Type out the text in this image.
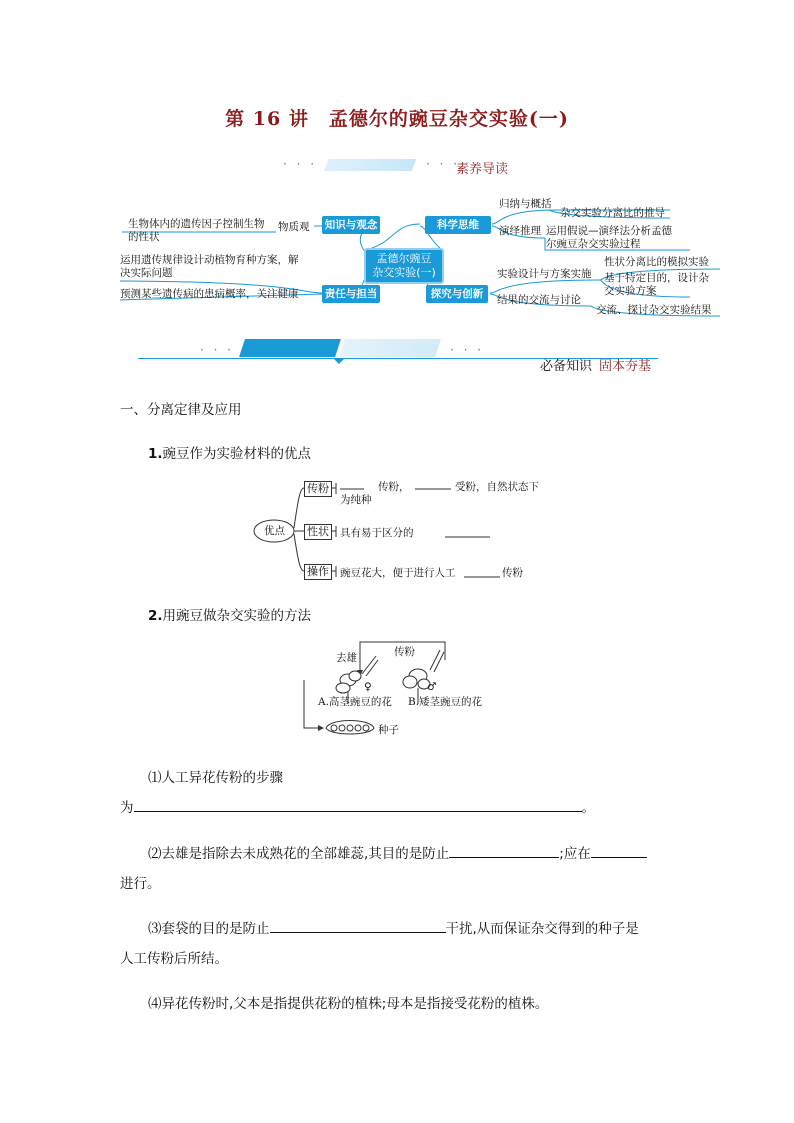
第 16 讲　孟德尔的豌豆杂交实验(一)
· · ·	· · ·
素养导读
孟德尔豌豆
杂交实验(一)
知识与观念	科学思维
责任与担当	探究与创新
生物体内的遗传因子控制生物
的性状
物质观
运用遗传规律设计动植物育种方案，解
决实际问题
预测某些遗传病的患病概率，关注健康
归纳与概括
杂交实验分离比的推导
演绎推理 运用假说—演绎法分析孟德
尔豌豆杂交实验过程
实验设计与方案实施
性状分离比的模拟实验
基于特定目的，设计杂
交实验方案
结果的交流与讨论
交流、探讨杂交实验结果
· · ·	· · ·
必备知识 固本夯基
一、分离定律及应用
1.豌豆作为实验材料的优点
优点
传粉
性状
操作
传粉，	受粉，自然状态下
为纯种
具有易于区分的
豌豆花大，便于进行人工	传粉
2.用豌豆做杂交实验的方法
去雄	传粉
♀	♂
A.高茎豌豆的花 B.矮茎豌豆的花
种子
⑴人工异花传粉的步骤
为	。
⑵去雄是指除去未成熟花的全部雄蕊,其目的是防止	;应在
进行。
⑶套袋的目的是防止	干扰,从而保证杂交得到的种子是
人工传粉后所结。
⑷异花传粉时,父本是指提供花粉的植株;母本是指接受花粉的植株。
